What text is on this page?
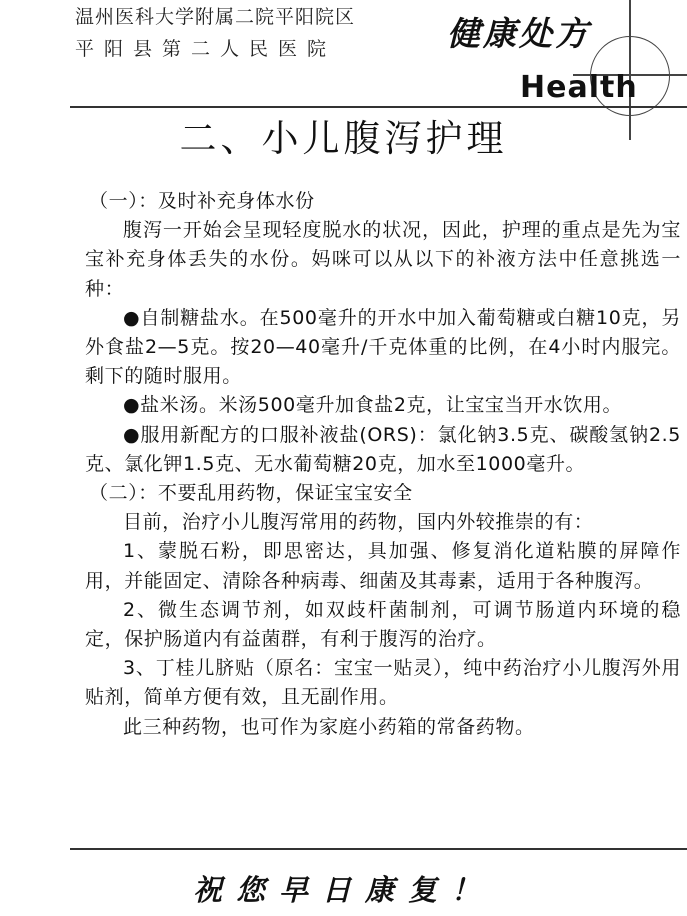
温州医科大学附属二院平阳院区
平阳县第二人民医院	健康处方
Health
二、小儿腹泻护理

（一）：及时补充身体水份

腹泻一开始会呈现轻度脱水的状况，因此，护理的重点是先为宝宝补充身体丢失的水份。妈咪可以从以下的补液方法中任意挑选一种：

●自制糖盐水。在500毫升的开水中加入葡萄糖或白糖10克，另外食盐2—5克。按20—40毫升/千克体重的比例，在4小时内服完。剩下的随时服用。

●盐米汤。米汤500毫升加食盐2克，让宝宝当开水饮用。

●服用新配方的口服补液盐(ORS)：氯化钠3.5克、碳酸氢钠2.5克、氯化钾1.5克、无水葡萄糖20克，加水至1000毫升。

（二）：不要乱用药物，保证宝宝安全

目前，治疗小儿腹泻常用的药物，国内外较推崇的有：

1、蒙脱石粉，即思密达，具加强、修复消化道粘膜的屏障作用，并能固定、清除各种病毒、细菌及其毒素，适用于各种腹泻。

2、微生态调节剂，如双歧杆菌制剂，可调节肠道内环境的稳定，保护肠道内有益菌群，有利于腹泻的治疗。

3、丁桂儿脐贴（原名：宝宝一贴灵），纯中药治疗小儿腹泻外用贴剂，简单方便有效，且无副作用。

此三种药物，也可作为家庭小药箱的常备药物。

祝您早日康复！
